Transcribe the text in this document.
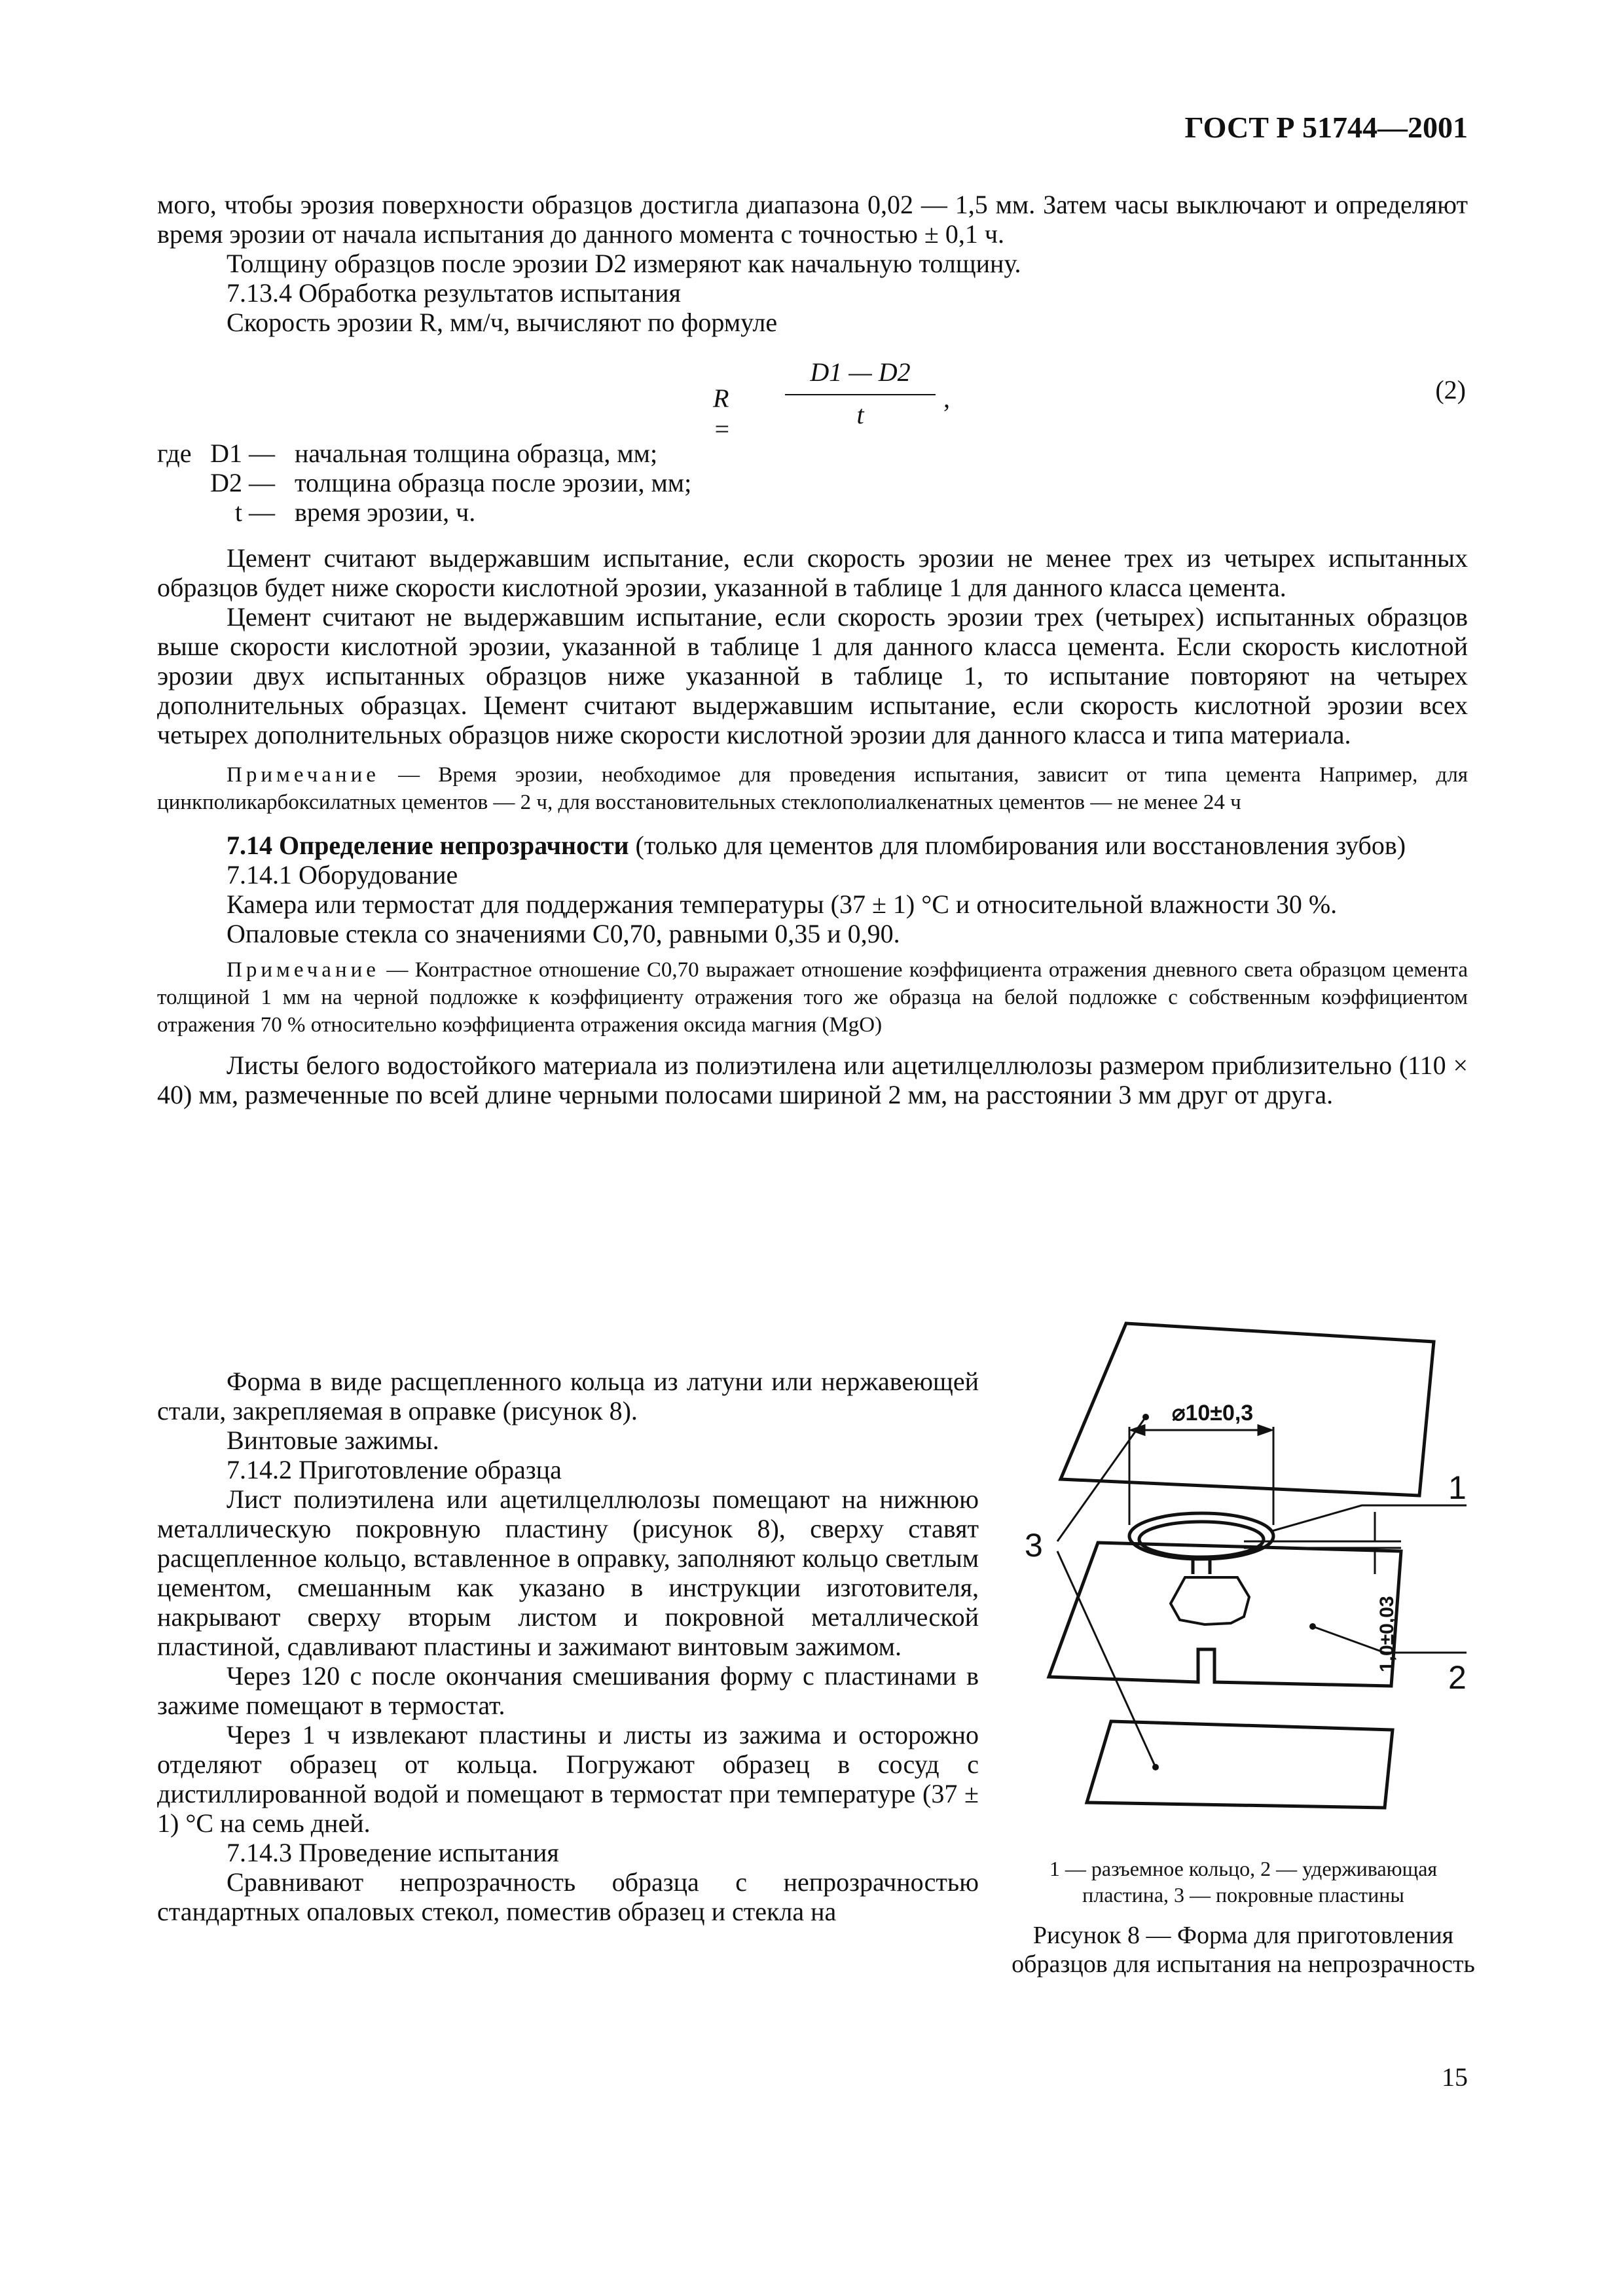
ГОСТ Р 51744—2001

мого, чтобы эрозия поверхности образцов достигла диапазона 0,02 — 1,5 мм. Затем часы выключают и определяют время эрозии от начала испытания до данного момента с точностью ± 0,1 ч.

Толщину образцов после эрозии D2 измеряют как начальную толщину.

7.13.4 Обработка результатов испытания

Скорость эрозии R, мм/ч, вычисляют по формуле

R =
D1 — D2
t
,	(2)
где D1 — начальная толщина образца, мм;
D2 — толщина образца после эрозии, мм;
t — время эрозии, ч.

Цемент считают выдержавшим испытание, если скорость эрозии не менее трех из четырех испытанных образцов будет ниже скорости кислотной эрозии, указанной в таблице 1 для данного класса цемента.

Цемент считают не выдержавшим испытание, если скорость эрозии трех (четырех) испытанных образцов выше скорости кислотной эрозии, указанной в таблице 1 для данного класса цемента. Если скорость кислотной эрозии двух испытанных образцов ниже указанной в таблице 1, то испытание повторяют на четырех дополнительных образцах. Цемент считают выдержавшим испытание, если скорость кислотной эрозии всех четырех дополнительных образцов ниже скорости кислотной эрозии для данного класса и типа материала.

Примечание — Время эрозии, необходимое для проведения испытания, зависит от типа цемента Например, для цинкполикарбоксилатных цементов — 2 ч, для восстановительных стеклополиалкенатных цементов — не менее 24 ч

7.14 Определение непрозрачности (только для цементов для пломбирования или восстановления зубов)

7.14.1 Оборудование

Камера или термостат для поддержания температуры (37 ± 1) °С и относительной влажности 30 %.

Опаловые стекла со значениями С0,70, равными 0,35 и 0,90.

Примечание — Контрастное отношение С0,70 выражает отношение коэффициента отражения дневного света образцом цемента толщиной 1 мм на черной подложке к коэффициенту отражения того же образца на белой подложке с собственным коэффициентом отражения 70 % относительно коэффициента отражения оксида магния (MgO)

Листы белого водостойкого материала из полиэтилена или ацетилцеллюлозы размером приблизительно (110 × 40) мм, размеченные по всей длине черными полосами шириной 2 мм, на расстоянии 3 мм друг от друга.

Форма в виде расщепленного кольца из латуни или нержавеющей стали, закрепляемая в оправке (рисунок 8).

Винтовые зажимы.

7.14.2 Приготовление образца

Лист полиэтилена или ацетилцеллюлозы помещают на нижнюю металлическую покровную пластину (рисунок 8), сверху ставят расщепленное кольцо, вставленное в оправку, заполняют кольцо светлым цементом, смешанным как указано в инструкции изготовителя, накрывают сверху вторым листом и покровной металлической пластиной, сдавливают пластины и зажимают винтовым зажимом.

Через 120 с после окончания смешивания форму с пластинами в зажиме помещают в термостат.

Через 1 ч извлекают пластины и листы из зажима и осторожно отделяют образец от кольца. Погружают образец в сосуд с дистиллированной водой и помещают в термостат при температуре (37 ± 1) °С на семь дней.

7.14.3 Проведение испытания

Сравнивают непрозрачность образца с непрозрачностью стандартных опаловых стекол, поместив образец и стекла на

⌀10±0,3
1,0±0,03
1
2
3
1 — разъемное кольцо, 2 — удерживающая пластина, 3 — покровные пластины
Рисунок 8 — Форма для приготовления образцов для испытания на непрозрачность
15
